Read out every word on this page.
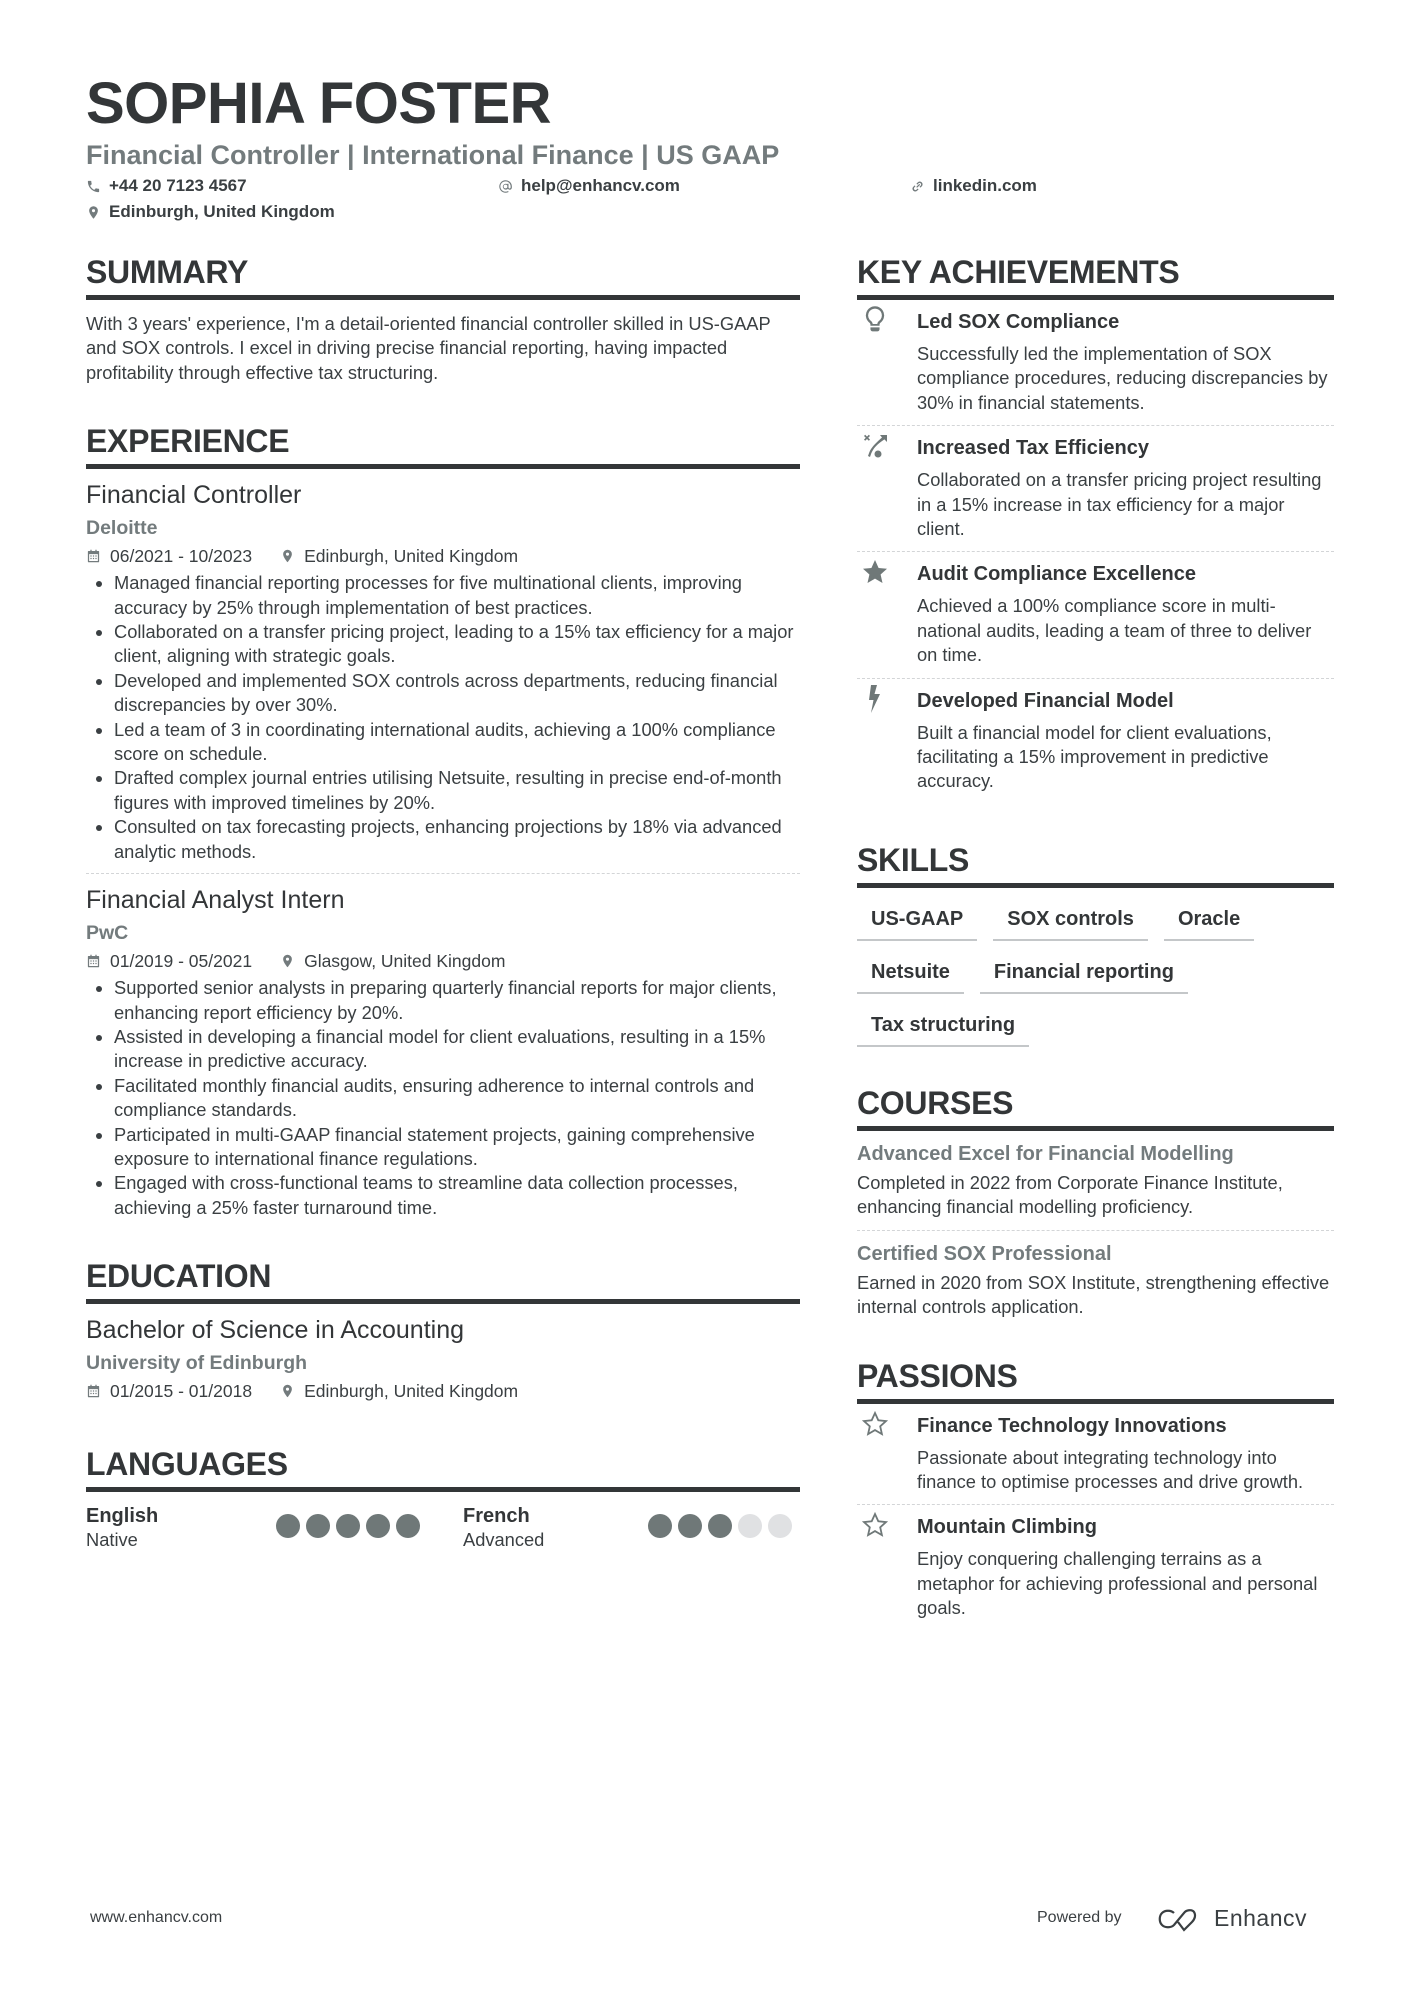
SOPHIA FOSTER
Financial Controller | International Finance | US GAAP
+44 20 7123 4567	help@enhancv.com	linkedin.com
Edinburgh, United Kingdom
SUMMARY

With 3 years' experience, I'm a detail-oriented financial controller skilled in US-GAAP and SOX controls. I excel in driving precise financial reporting, having impacted profitability through effective tax structuring.

EXPERIENCE
Financial Controller
Deloitte
06/2021 - 10/2023	Edinburgh, United Kingdom
Managed financial reporting processes for five multinational clients, improving accuracy by 25% through implementation of best practices.
Collaborated on a transfer pricing project, leading to a 15% tax efficiency for a major client, aligning with strategic goals.
Developed and implemented SOX controls across departments, reducing financial discrepancies by over 30%.
Led a team of 3 in coordinating international audits, achieving a 100% compliance score on schedule.
Drafted complex journal entries utilising Netsuite, resulting in precise end-of-month figures with improved timelines by 20%.
Consulted on tax forecasting projects, enhancing projections by 18% via advanced analytic methods.
Financial Analyst Intern
PwC
01/2019 - 05/2021	Glasgow, United Kingdom
Supported senior analysts in preparing quarterly financial reports for major clients, enhancing report efficiency by 20%.
Assisted in developing a financial model for client evaluations, resulting in a 15% increase in predictive accuracy.
Facilitated monthly financial audits, ensuring adherence to internal controls and compliance standards.
Participated in multi-GAAP financial statement projects, gaining comprehensive exposure to international finance regulations.
Engaged with cross-functional teams to streamline data collection processes, achieving a 25% faster turnaround time.
EDUCATION
Bachelor of Science in Accounting
University of Edinburgh
01/2015 - 01/2018	Edinburgh, United Kingdom
LANGUAGES
English
Native
French
Advanced
KEY ACHIEVEMENTS
Led SOX Compliance
Successfully led the implementation of SOX compliance procedures, reducing discrepancies by 30% in financial statements.
Increased Tax Efficiency
Collaborated on a transfer pricing project resulting in a 15% increase in tax efficiency for a major client.
Audit Compliance Excellence
Achieved a 100% compliance score in multi-national audits, leading a team of three to deliver on time.
Developed Financial Model
Built a financial model for client evaluations, facilitating a 15% improvement in predictive accuracy.
SKILLS
US-GAAP	SOX controls	Oracle
Netsuite	Financial reporting
Tax structuring
COURSES
Advanced Excel for Financial Modelling
Completed in 2022 from Corporate Finance Institute, enhancing financial modelling proficiency.
Certified SOX Professional
Earned in 2020 from SOX Institute, strengthening effective internal controls application.
PASSIONS
Finance Technology Innovations
Passionate about integrating technology into finance to optimise processes and drive growth.
Mountain Climbing
Enjoy conquering challenging terrains as a metaphor for achieving professional and personal goals.
www.enhancv.com	Powered by	Enhancv
